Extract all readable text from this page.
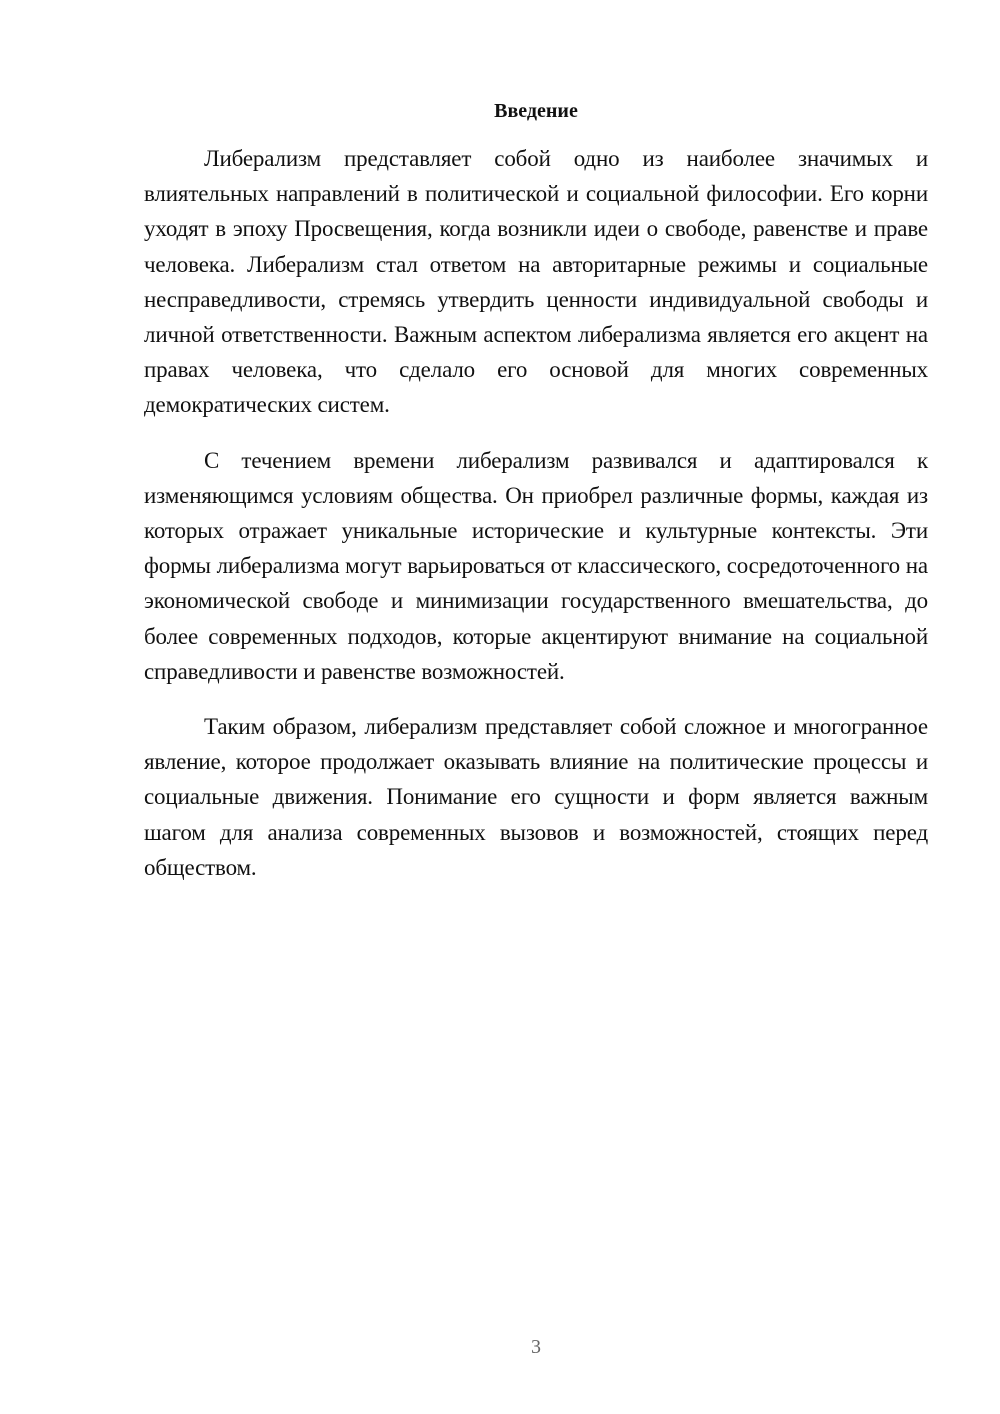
Введение

Либерализм представляет собой одно из наиболее значимых и влиятельных направлений в политической и социальной философии. Его корни уходят в эпоху Просвещения, когда возникли идеи о свободе, равенстве и праве человека. Либерализм стал ответом на авторитарные режимы и социальные несправедливости, стремясь утвердить ценности индивидуальной свободы и личной ответственности. Важным аспектом либерализма является его акцент на правах человека, что сделало его основой для многих современных демократических систем.

С течением времени либерализм развивался и адаптировался к изменяющимся условиям общества. Он приобрел различные формы, каждая из которых отражает уникальные исторические и культурные контексты. Эти формы либерализма могут варьироваться от классического, сосредоточенного на экономической свободе и минимизации государственного вмешательства, до более современных подходов, которые акцентируют внимание на социальной справедливости и равенстве возможностей.

Таким образом, либерализм представляет собой сложное и многогранное явление, которое продолжает оказывать влияние на политические процессы и социальные движения. Понимание его сущности и форм является важным шагом для анализа современных вызовов и возможностей, стоящих перед обществом.

3
